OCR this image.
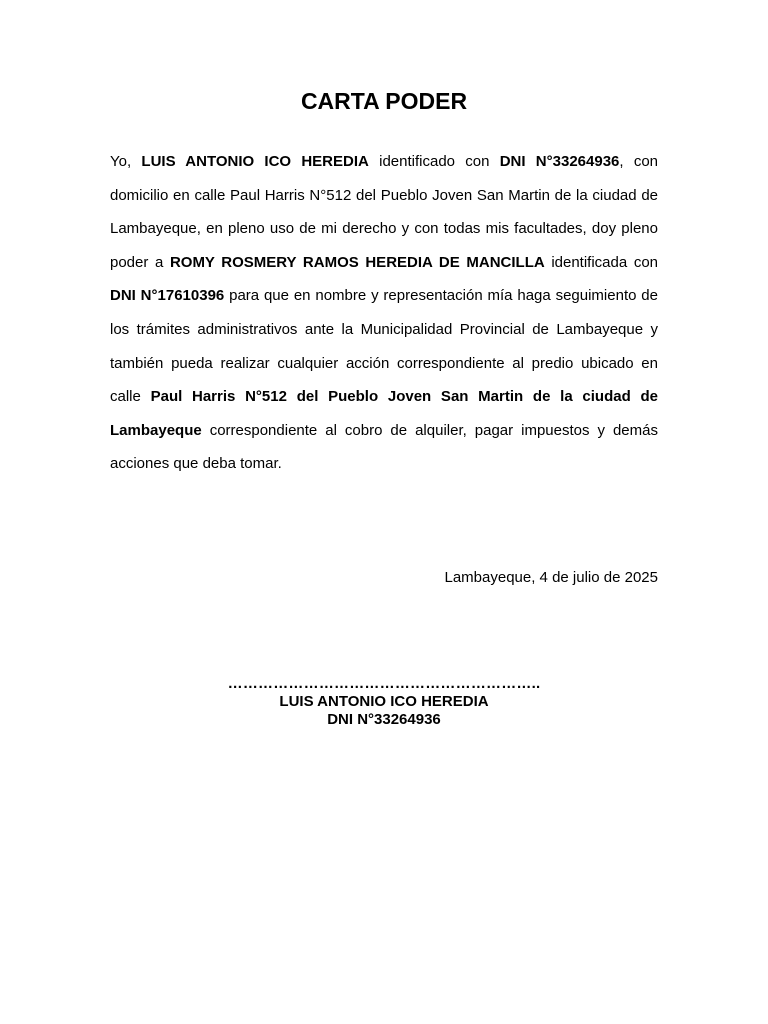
CARTA PODER

Yo, LUIS ANTONIO ICO HEREDIA identificado con DNI N°33264936, con domicilio en calle Paul Harris N°512 del Pueblo Joven San Martin de la ciudad de Lambayeque, en pleno uso de mi derecho y con todas mis facultades, doy pleno poder a ROMY ROSMERY RAMOS HEREDIA DE MANCILLA identificada con DNI N°17610396 para que en nombre y representación mía haga seguimiento de los trámites administrativos ante la Municipalidad Provincial de Lambayeque y también pueda realizar cualquier acción correspondiente al predio ubicado en calle Paul Harris N°512 del Pueblo Joven San Martin de la ciudad de Lambayeque correspondiente al cobro de alquiler, pagar impuestos y demás acciones que deba tomar.

Lambayeque, 4 de julio de 2025
……………………………………………………..
LUIS ANTONIO ICO HEREDIA
DNI N°33264936
